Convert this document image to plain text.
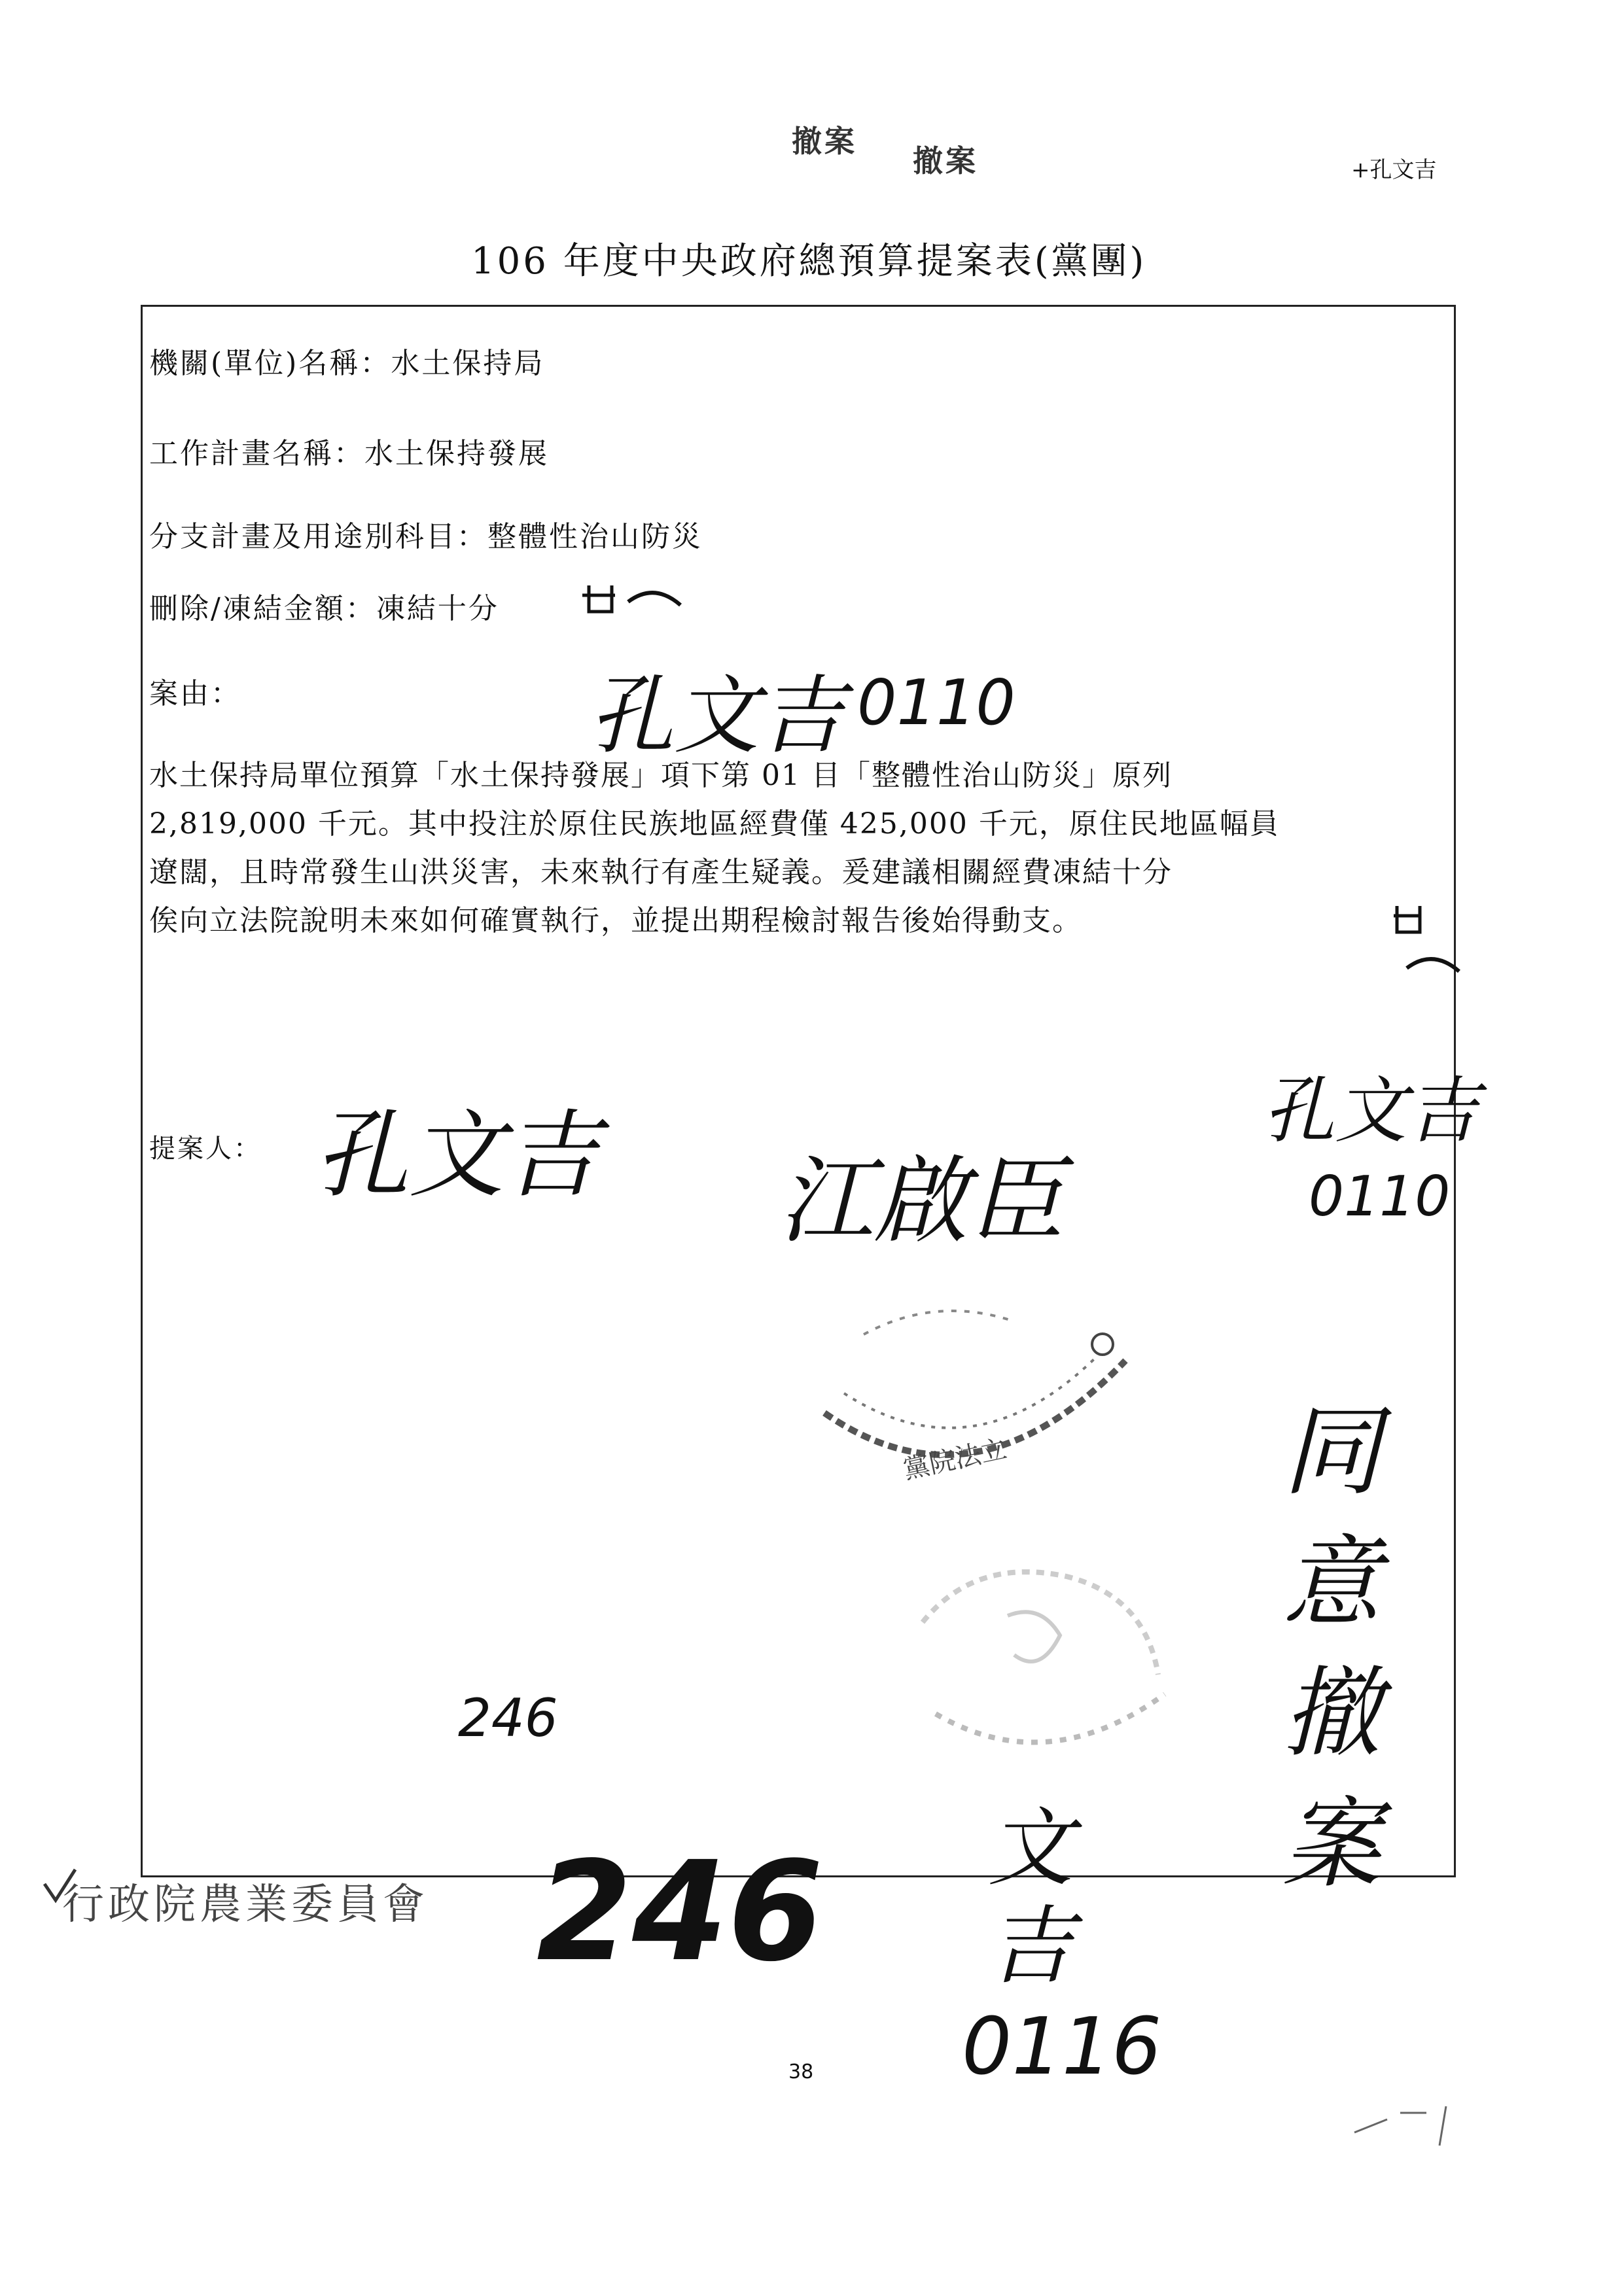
撤案
撤案	+孔文吉
106 年度中央政府總預算提案表(黨團)
機關(單位)名稱：水土保持局
工作計畫名稱：水土保持發展
分支計畫及用途別科目：整體性治山防災
刪除/凍結金額：凍結十分
案由：

水土保持局單位預算「水土保持發展」項下第 01 目「整體性治山防災」原列

2,819,000 千元。其中投注於原住民族地區經費僅 425,000 千元，原住民地區幅員

遼闊，且時常發生山洪災害，未來執行有產生疑義。爰建議相關經費凍結十分

俟向立法院說明未來如何確實執行，並提出期程檢討報告後始得動支。

提案人：
孔文吉 0110
孔文吉 江啟臣
孔文吉
0110
黨院法立
246
同意撤案
行政院農業委員會 246 文吉
0116
38
